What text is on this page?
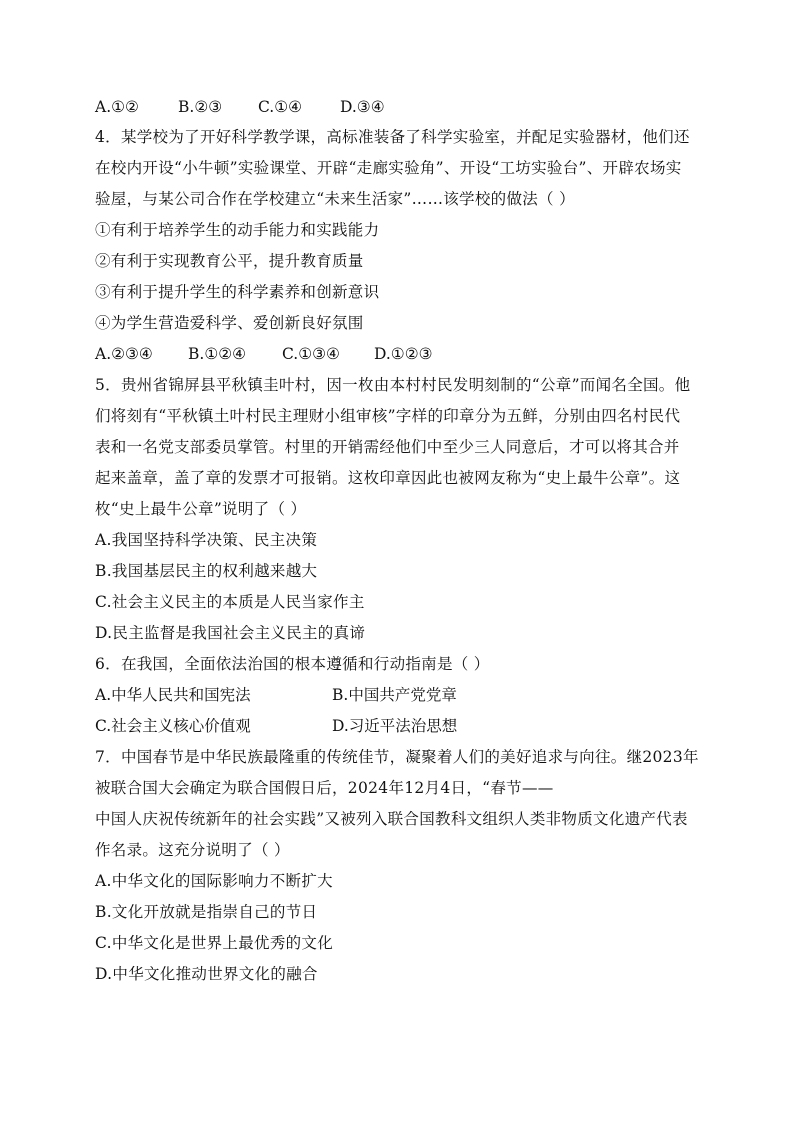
A.①②	B.②③ C.①④ D.③④
4．某学校为了开好科学教学课，高标准装备了科学实验室，并配足实验器材，他们还
在校内开设“小牛顿”实验课堂、开辟“走廊实验角”、开设“工坊实验台”、开辟农场实
验屋，与某公司合作在学校建立“未来生活家”……该学校的做法（ ）
①有利于培养学生的动手能力和实践能力
②有利于实现教育公平，提升教育质量
③有利于提升学生的科学素养和创新意识
④为学生营造爱科学、爱创新良好氛围
A.②③④ B.①②④ C.①③④ D.①②③
5．贵州省锦屏县平秋镇圭叶村，因一枚由本村村民发明刻制的“公章”而闻名全国。他
们将刻有“平秋镇土叶村民主理财小组审核”字样的印章分为五鲜，分别由四名村民代
表和一名党支部委员掌管。村里的开销需经他们中至少三人同意后，才可以将其合并
起来盖章，盖了章的发票才可报销。这枚印章因此也被网友称为“史上最牛公章”。这
枚“史上最牛公章”说明了（ ）
A.我国坚持科学决策、民主决策
B.我国基层民主的权利越来越大
C.社会主义民主的本质是人民当家作主
D.民主监督是我国社会主义民主的真谛
6．在我国，全面依法治国的根本遵循和行动指南是（ ）
A.中华人民共和国宪法	B.中国共产党党章
C.社会主义核心价值观	D.习近平法治思想
7．中国春节是中华民族最隆重的传统佳节，凝聚着人们的美好追求与向往。继2023年
被联合国大会确定为联合国假日后，2024年12月4日，“春节——
中国人庆祝传统新年的社会实践”又被列入联合国教科文组织人类非物质文化遗产代表
作名录。这充分说明了（ ）
A.中华文化的国际影响力不断扩大
B.文化开放就是指崇自己的节日
C.中华文化是世界上最优秀的文化
D.中华文化推动世界文化的融合
